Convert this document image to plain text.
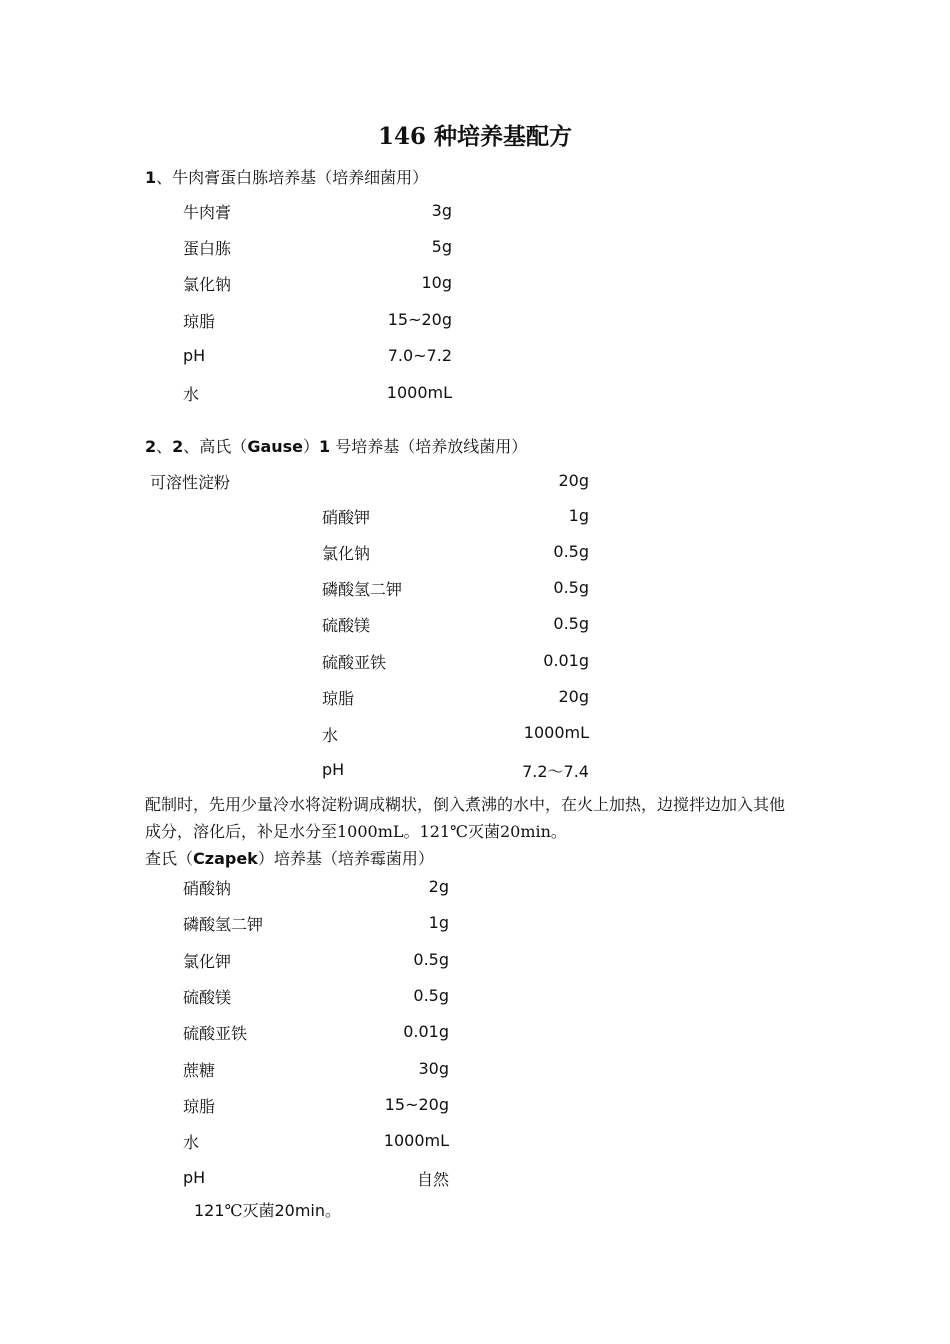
146 种培养基配方
1、牛肉膏蛋白胨培养基（培养细菌用）
牛肉膏	3g
蛋白胨	5g
氯化钠	10g
琼脂	15~20g
pH	7.0~7.2
水	1000mL
2、2、高氏（Gause）1 号培养基（培养放线菌用）
可溶性淀粉	20g
硝酸钾	1g
氯化钠	0.5g
磷酸氢二钾	0.5g
硫酸镁	0.5g
硫酸亚铁	0.01g
琼脂	20g
水	1000mL
pH	7.2～7.4
配制时，先用少量冷水将淀粉调成糊状，倒入煮沸的水中，在火上加热，边搅拌边加入其他
成分，溶化后，补足水分至1000mL。121℃灭菌20min。
查氏（Czapek）培养基（培养霉菌用）
硝酸钠	2g
磷酸氢二钾	1g
氯化钾	0.5g
硫酸镁	0.5g
硫酸亚铁	0.01g
蔗糖	30g
琼脂	15~20g
水	1000mL
pH	自然
121℃灭菌20min。
